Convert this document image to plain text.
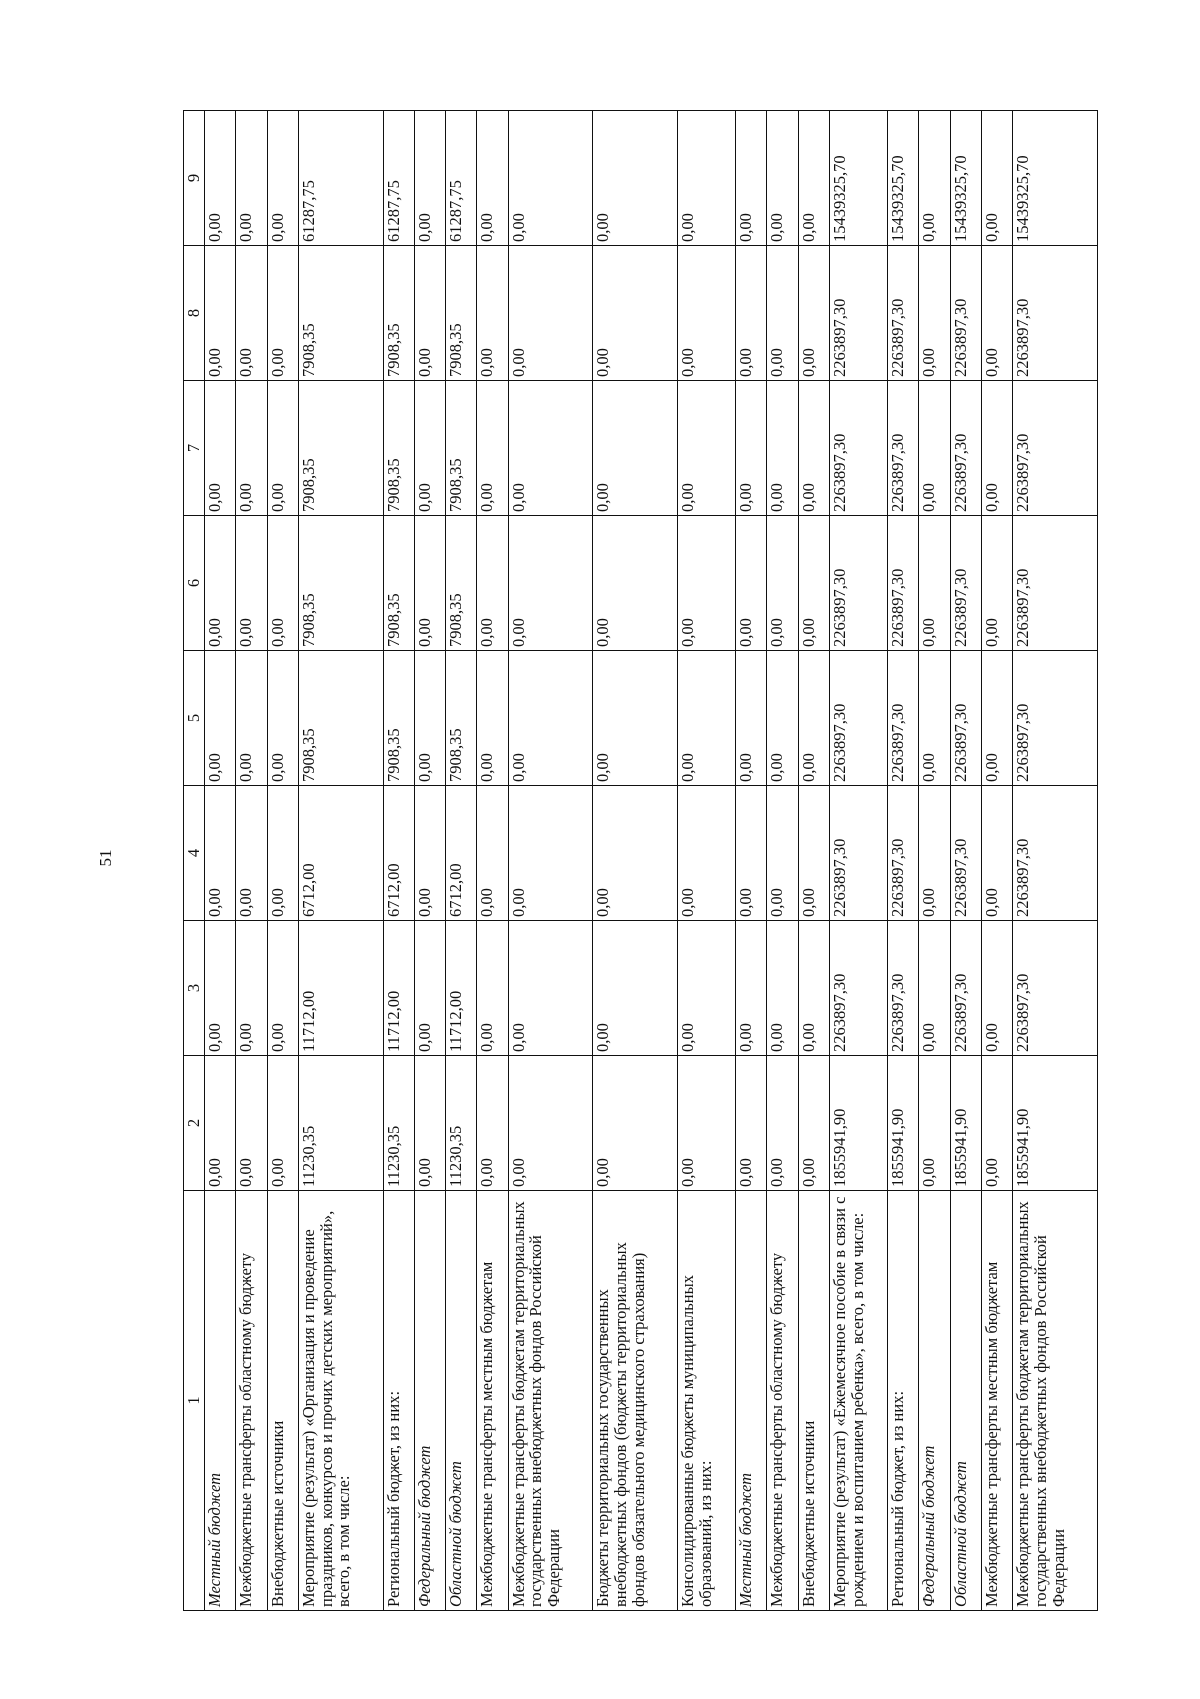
51
1	2	3	4	5	6	7	8	9
Местный бюджет	0,00	0,00	0,00	0,00	0,00	0,00	0,00	0,00
Межбюджетные трансферты областному бюджету	0,00	0,00	0,00	0,00	0,00	0,00	0,00	0,00
Внебюджетные источники	0,00	0,00	0,00	0,00	0,00	0,00	0,00	0,00
Мероприятие (результат) «Организация и проведение праздников, конкурсов и прочих детских мероприятий», всего, в том числе:	11230,35	11712,00	6712,00	7908,35	7908,35	7908,35	7908,35	61287,75
Региональный бюджет, из них:	11230,35	11712,00	6712,00	7908,35	7908,35	7908,35	7908,35	61287,75
Федеральный бюджет	0,00	0,00	0,00	0,00	0,00	0,00	0,00	0,00
Областной бюджет	11230,35	11712,00	6712,00	7908,35	7908,35	7908,35	7908,35	61287,75
Межбюджетные трансферты местным бюджетам	0,00	0,00	0,00	0,00	0,00	0,00	0,00	0,00
Межбюджетные трансферты бюджетам территориальных государственных внебюджетных фондов Российской Федерации	0,00	0,00	0,00	0,00	0,00	0,00	0,00	0,00
Бюджеты территориальных государственных внебюджетных фондов (бюджеты территориальных фондов обязательного медицинского страхования)	0,00	0,00	0,00	0,00	0,00	0,00	0,00	0,00
Консолидированные бюджеты муниципальных образований, из них:	0,00	0,00	0,00	0,00	0,00	0,00	0,00	0,00
Местный бюджет	0,00	0,00	0,00	0,00	0,00	0,00	0,00	0,00
Межбюджетные трансферты областному бюджету	0,00	0,00	0,00	0,00	0,00	0,00	0,00	0,00
Внебюджетные источники	0,00	0,00	0,00	0,00	0,00	0,00	0,00	0,00
Мероприятие (результат) «Ежемесячное пособие в связи с рождением и воспитанием ребенка», всего, в том числе:	1855941,90	2263897,30	2263897,30	2263897,30	2263897,30	2263897,30	2263897,30	15439325,70
Региональный бюджет, из них:	1855941,90	2263897,30	2263897,30	2263897,30	2263897,30	2263897,30	2263897,30	15439325,70
Федеральный бюджет	0,00	0,00	0,00	0,00	0,00	0,00	0,00	0,00
Областной бюджет	1855941,90	2263897,30	2263897,30	2263897,30	2263897,30	2263897,30	2263897,30	15439325,70
Межбюджетные трансферты местным бюджетам	0,00	0,00	0,00	0,00	0,00	0,00	0,00	0,00
Межбюджетные трансферты бюджетам территориальных государственных внебюджетных фондов Российской Федерации	1855941,90	2263897,30	2263897,30	2263897,30	2263897,30	2263897,30	2263897,30	15439325,70
